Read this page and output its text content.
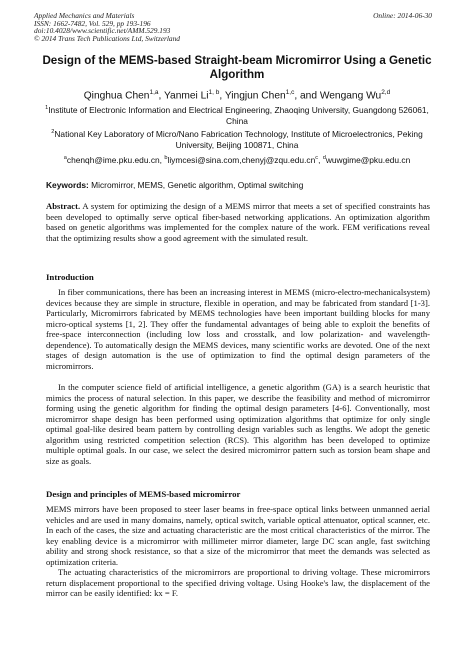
Applied Mechanics and Materials
ISSN: 1662-7482, Vol. 529, pp 193-196
doi:10.4028/www.scientific.net/AMM.529.193
© 2014 Trans Tech Publications Ltd, Switzerland
Online: 2014-06-30
Design of the MEMS-based Straight-beam Micromirror Using a Genetic Algorithm
Qinghua Chen$^{1,a}$, Yanmei Li$^{1, b}$, Yingjun Chen$^{1,c}$, and Wengang Wu$^{2,d}$
$^1$Institute of Electronic Information and Electrical Engineering, Zhaoqing University, Guangdong 526061, China
$^2$National Key Laboratory of Micro/Nano Fabrication Technology, Institute of Microelectronics, Peking University, Beijing 100871, China
$^a$chenqh@ime.pku.edu.cn, $^bliymcesi@\sin a.com,chenyj@zqu.edu.cn^c$, $^d$wuwgime@pku.edu.cn
Keywords: Micromirror, MEMS, Genetic algorithm, Optimal switching
Abstract. A system for optimizing the design of a MEMS mirror that meets a set of specified constraints has been developed to optimally serve optical fiber-based networking applications. An optimization algorithm based on genetic algorithms was implemented for the complex nature of the work. FEM verifications reveal that the optimizing results show a good agreement with the simulated result.
Introduction
In fiber communications, there has been an increasing interest in MEMS (micro-electro-mechanicalsystem) devices because they are simple in structure, flexible in operation, and may be fabricated from standard [1-3]. Particularly, Micromirrors fabricated by MEMS technologies have been important building blocks for many micro-optical systems [1, 2]. They offer the fundamental advantages of being able to exploit the benefits of free-space interconnection (including low loss and crosstalk, and low polarization- and wavelength-dependence). To automatically design the MEMS devices, many scientific works are devoted. One of the next stages of design automation is the use of optimization to find the optimal design parameters of the micromirrors.
In the computer science field of artificial intelligence, a genetic algorithm (GA) is a search heuristic that mimics the process of natural selection. In this paper, we describe the feasibility and method of micromirror forming using the genetic algorithm for finding the optimal design parameters [4-6]. Conventionally, most micromirror shape design has been performed using optimization algorithms that optimize for only single optimal goal-like desired beam pattern by controlling design variables such as lengths. We adopt the genetic algorithm using restricted competition selection (RCS). This algorithm has been developed to optimize multiple optimal goals. In our case, we select the desired micromirror pattern such as torsion beam shape and size as goals.
Design and principles of MEMS-based micromirror
MEMS mirrors have been proposed to steer laser beams in free-space optical links between unmanned aerial vehicles and are used in many domains, namely, optical switch, variable optical attenuator, optical scanner, etc. In each of the cases, the size and actuating characteristic are the most critical characteristics of the mirror. The key enabling device is a micromirror with millimeter mirror diameter, large DC scan angle, fast switching ability and strong shock resistance, so that a size of the micromirror that meet the demands was selected as optimization criteria.
The actuating characteristics of the micromirrors are proportional to driving voltage. These micromirrors return displacement proportional to the specified driving voltage. Using Hooke's law, the displacement of the mirror can be easily identified: kx = F.
